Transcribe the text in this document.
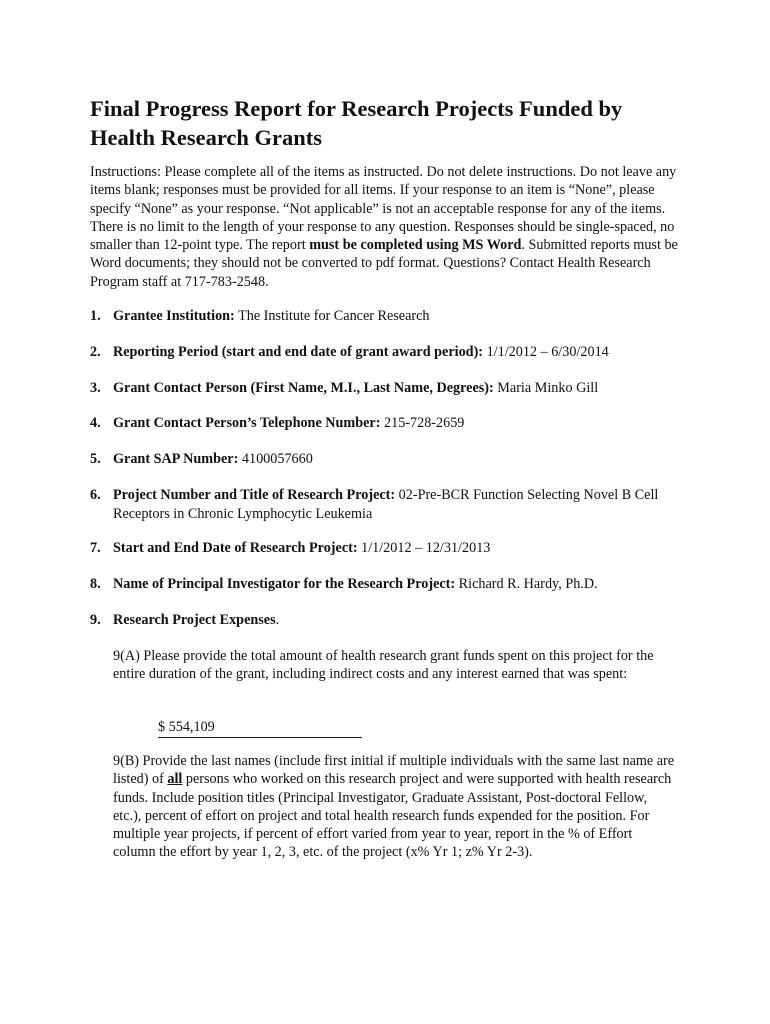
Final Progress Report for Research Projects Funded by Health Research Grants

Instructions: Please complete all of the items as instructed. Do not delete instructions. Do not leave any items blank; responses must be provided for all items. If your response to an item is “None”, please specify “None” as your response. “Not applicable” is not an acceptable response for any of the items. There is no limit to the length of your response to any question. Responses should be single-spaced, no smaller than 12-point type. The report must be completed using MS Word. Submitted reports must be Word documents; they should not be converted to pdf format. Questions? Contact Health Research Program staff at 717-783-2548.

1. Grantee Institution: The Institute for Cancer Research
2. Reporting Period (start and end date of grant award period): 1/1/2012 – 6/30/2014
3. Grant Contact Person (First Name, M.I., Last Name, Degrees): Maria Minko Gill
4. Grant Contact Person’s Telephone Number: 215-728-2659
5. Grant SAP Number: 4100057660
6. Project Number and Title of Research Project: 02-Pre-BCR Function Selecting Novel B Cell Receptors in Chronic Lymphocytic Leukemia
7. Start and End Date of Research Project: 1/1/2012 – 12/31/2013
8. Name of Principal Investigator for the Research Project: Richard R. Hardy, Ph.D.
9. Research Project Expenses.

9(A) Please provide the total amount of health research grant funds spent on this project for the entire duration of the grant, including indirect costs and any interest earned that was spent:

$ 554,109

9(B) Provide the last names (include first initial if multiple individuals with the same last name are listed) of all persons who worked on this research project and were supported with health research funds. Include position titles (Principal Investigator, Graduate Assistant, Post-doctoral Fellow, etc.), percent of effort on project and total health research funds expended for the position. For multiple year projects, if percent of effort varied from year to year, report in the % of Effort column the effort by year 1, 2, 3, etc. of the project (x% Yr 1; z% Yr 2-3).
